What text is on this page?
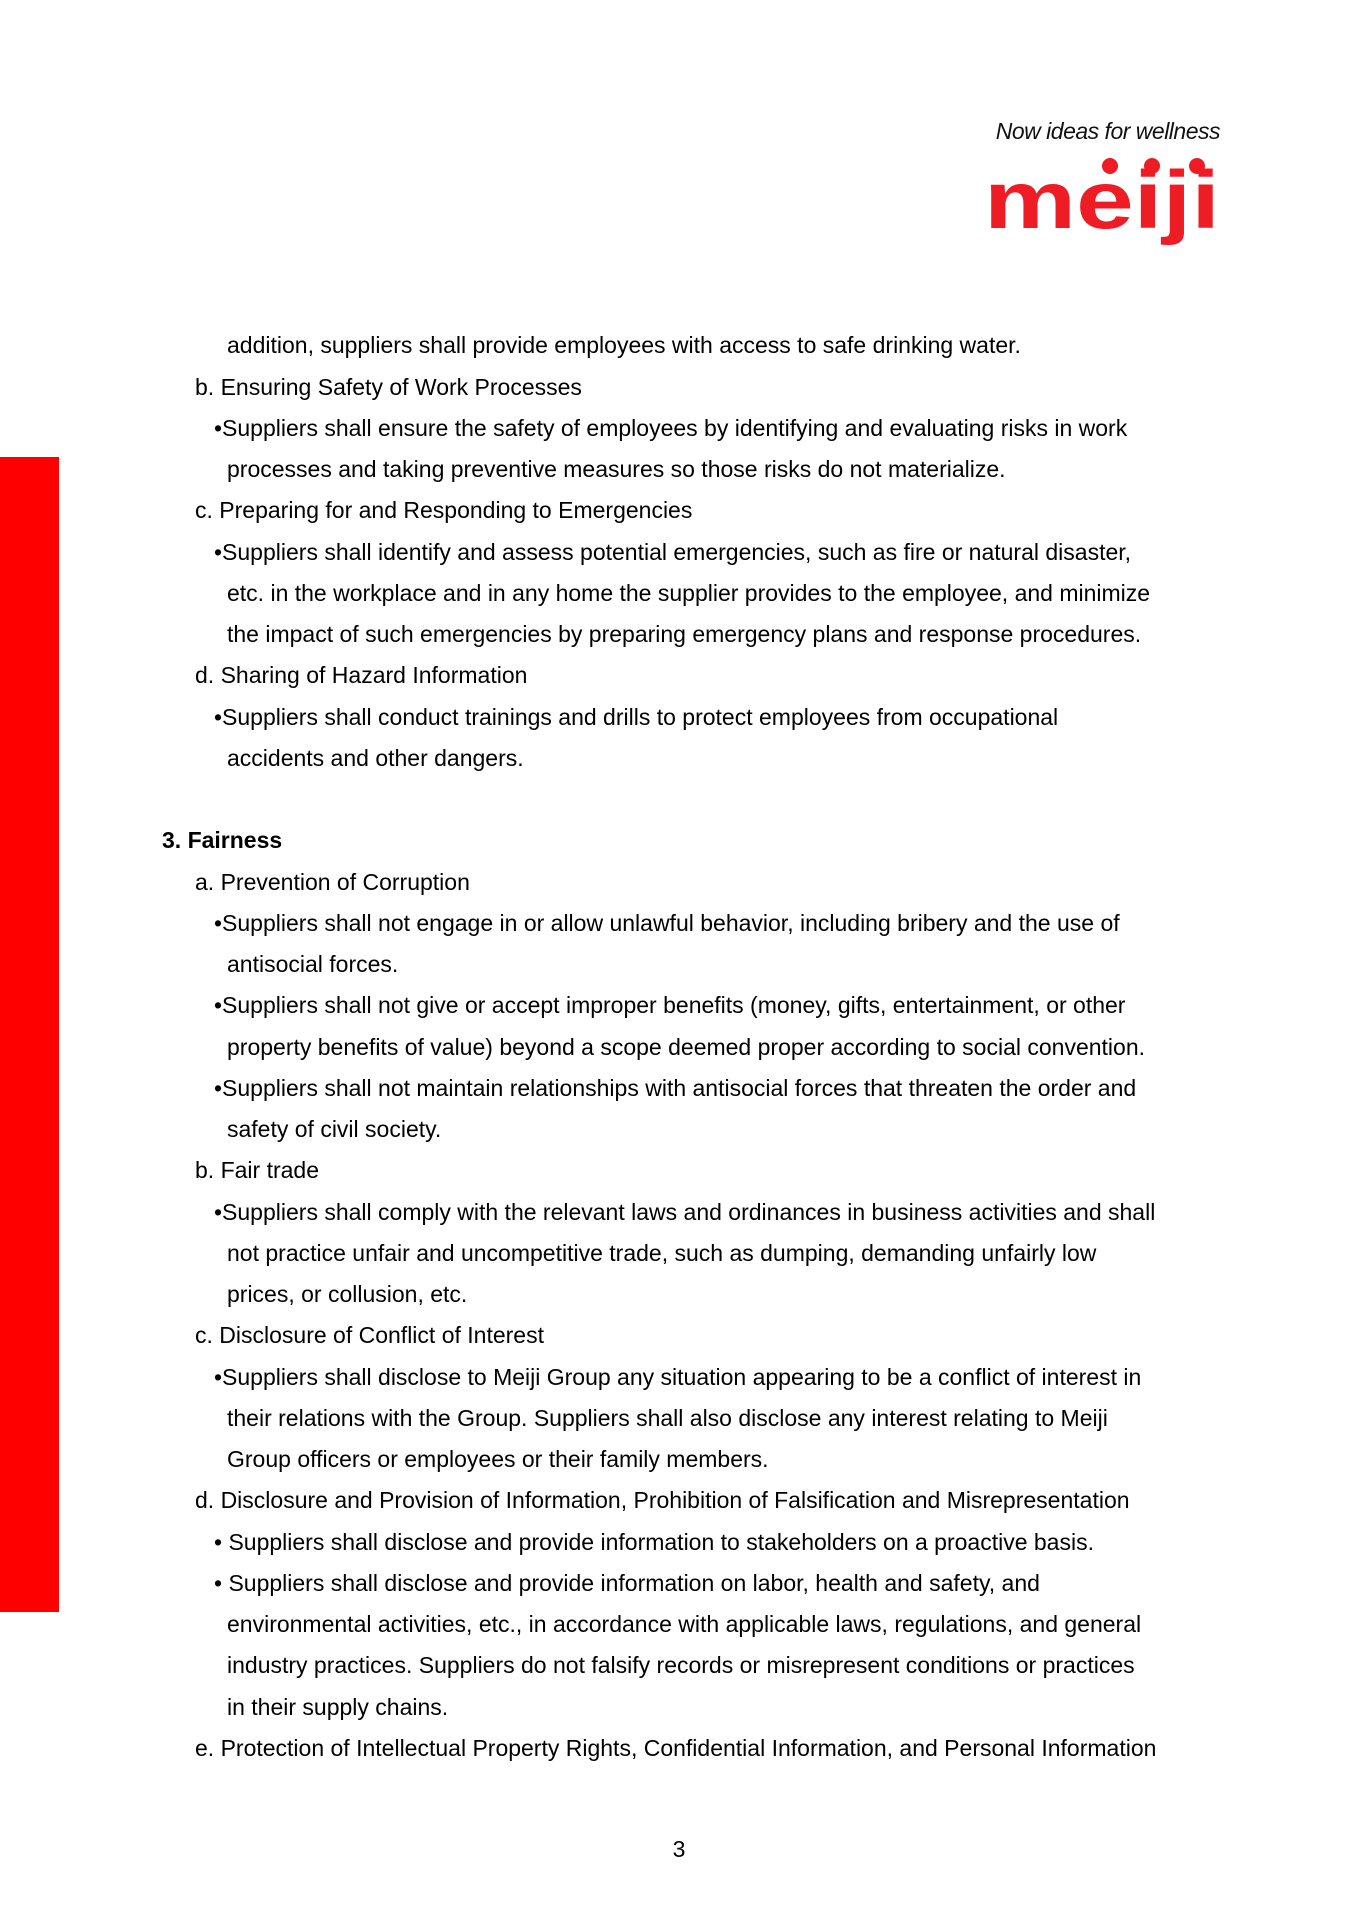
Now ideas for wellness
meiji
addition, suppliers shall provide employees with access to safe drinking water.
b. Ensuring Safety of Work Processes
•Suppliers shall ensure the safety of employees by identifying and evaluating risks in work
processes and taking preventive measures so those risks do not materialize.
c. Preparing for and Responding to Emergencies
•Suppliers shall identify and assess potential emergencies, such as fire or natural disaster,
etc. in the workplace and in any home the supplier provides to the employee, and minimize
the impact of such emergencies by preparing emergency plans and response procedures.
d. Sharing of Hazard Information
•Suppliers shall conduct trainings and drills to protect employees from occupational
accidents and other dangers.
3. Fairness
a. Prevention of Corruption
•Suppliers shall not engage in or allow unlawful behavior, including bribery and the use of
antisocial forces.
•Suppliers shall not give or accept improper benefits (money, gifts, entertainment, or other
property benefits of value) beyond a scope deemed proper according to social convention.
•Suppliers shall not maintain relationships with antisocial forces that threaten the order and
safety of civil society.
b. Fair trade
•Suppliers shall comply with the relevant laws and ordinances in business activities and shall
not practice unfair and uncompetitive trade, such as dumping, demanding unfairly low
prices, or collusion, etc.
c. Disclosure of Conflict of Interest
•Suppliers shall disclose to Meiji Group any situation appearing to be a conflict of interest in
their relations with the Group. Suppliers shall also disclose any interest relating to Meiji
Group officers or employees or their family members.
d. Disclosure and Provision of Information, Prohibition of Falsification and Misrepresentation
• Suppliers shall disclose and provide information to stakeholders on a proactive basis.
• Suppliers shall disclose and provide information on labor, health and safety, and
environmental activities, etc., in accordance with applicable laws, regulations, and general
industry practices. Suppliers do not falsify records or misrepresent conditions or practices
in their supply chains.
e. Protection of Intellectual Property Rights, Confidential Information, and Personal Information
3
